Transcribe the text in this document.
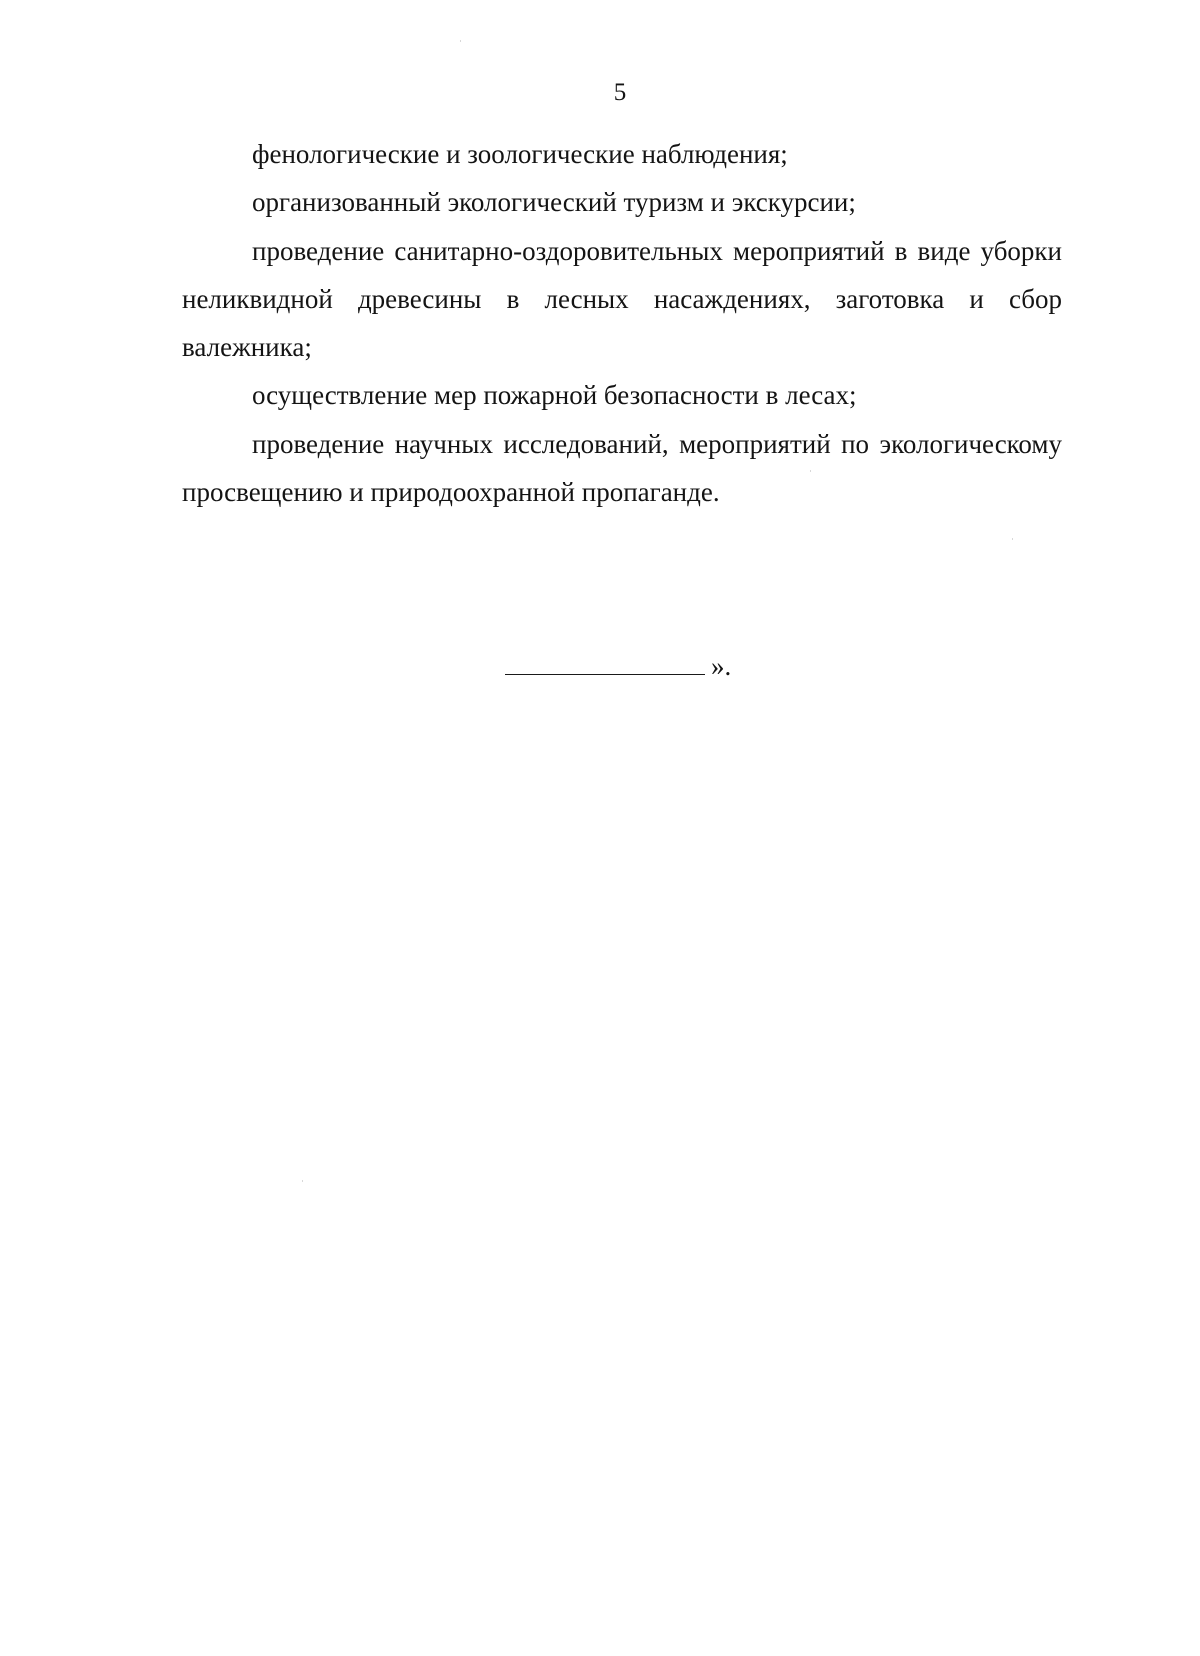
5

фенологические и зоологические наблюдения;

организованный экологический туризм и экскурсии;

проведение санитарно-оздоровительных мероприятий в виде уборки неликвидной древесины в лесных насаждениях, заготовка и сбор валежника;

осуществление мер пожарной безопасности в лесах;

проведение научных исследований, мероприятий по экологическому просвещению и природоохранной пропаганде.

».
